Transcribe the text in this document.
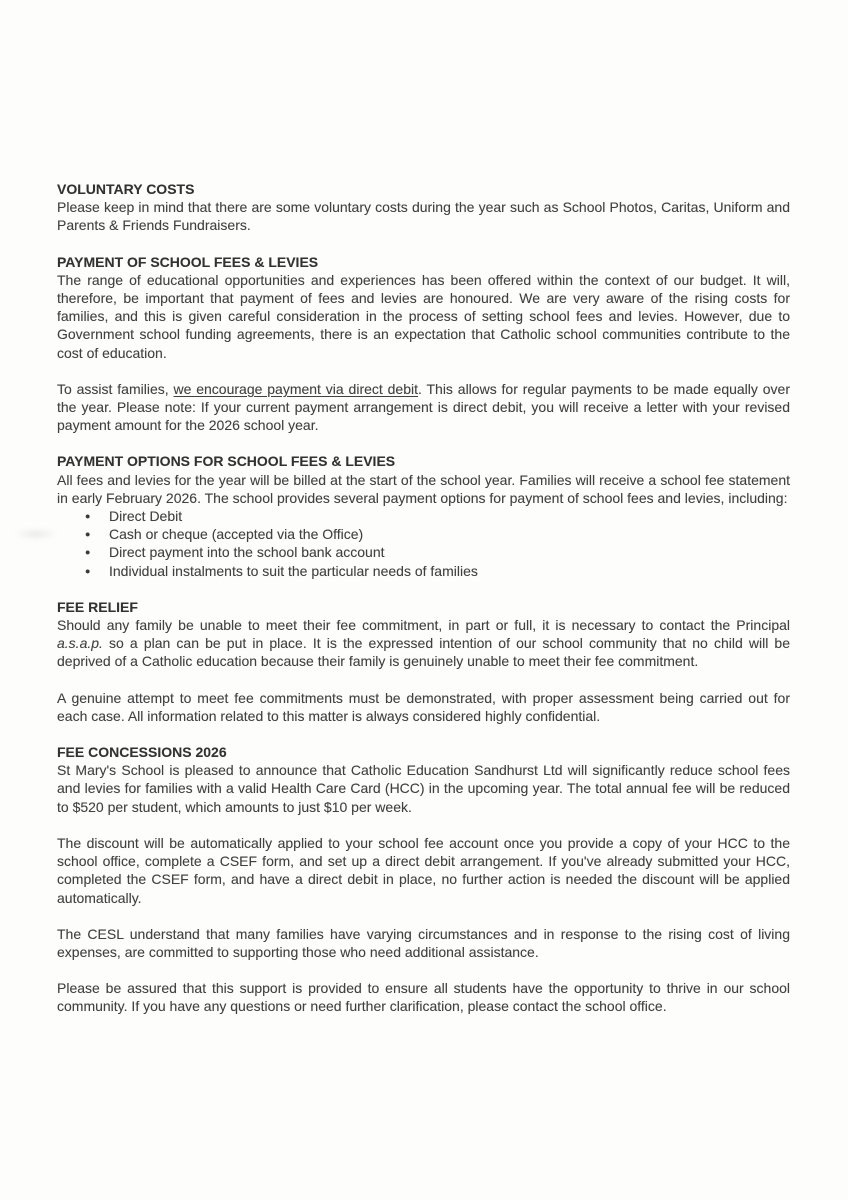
VOLUNTARY COSTS

Please keep in mind that there are some voluntary costs during the year such as School Photos, Caritas, Uniform and Parents & Friends Fundraisers.

PAYMENT OF SCHOOL FEES & LEVIES

The range of educational opportunities and experiences has been offered within the context of our budget. It will, therefore, be important that payment of fees and levies are honoured. We are very aware of the rising costs for families, and this is given careful consideration in the process of setting school fees and levies. However, due to Government school funding agreements, there is an expectation that Catholic school communities contribute to the cost of education.

To assist families, we encourage payment via direct debit. This allows for regular payments to be made equally over the year. Please note: If your current payment arrangement is direct debit, you will receive a letter with your revised payment amount for the 2026 school year.

PAYMENT OPTIONS FOR SCHOOL FEES & LEVIES

All fees and levies for the year will be billed at the start of the school year. Families will receive a school fee statement in early February 2026. The school provides several payment options for payment of school fees and levies, including:

● Direct Debit
● Cash or cheque (accepted via the Office)
● Direct payment into the school bank account
● Individual instalments to suit the particular needs of families
FEE RELIEF

Should any family be unable to meet their fee commitment, in part or full, it is necessary to contact the Principal a.s.a.p. so a plan can be put in place. It is the expressed intention of our school community that no child will be deprived of a Catholic education because their family is genuinely unable to meet their fee commitment.

A genuine attempt to meet fee commitments must be demonstrated, with proper assessment being carried out for each case. All information related to this matter is always considered highly confidential.

FEE CONCESSIONS 2026

St Mary's School is pleased to announce that Catholic Education Sandhurst Ltd will significantly reduce school fees and levies for families with a valid Health Care Card (HCC) in the upcoming year. The total annual fee will be reduced to $520 per student, which amounts to just $10 per week.

The discount will be automatically applied to your school fee account once you provide a copy of your HCC to the school office, complete a CSEF form, and set up a direct debit arrangement. If you've already submitted your HCC, completed the CSEF form, and have a direct debit in place, no further action is needed the discount will be applied automatically.

The CESL understand that many families have varying circumstances and in response to the rising cost of living expenses, are committed to supporting those who need additional assistance.

Please be assured that this support is provided to ensure all students have the opportunity to thrive in our school community. If you have any questions or need further clarification, please contact the school office.
